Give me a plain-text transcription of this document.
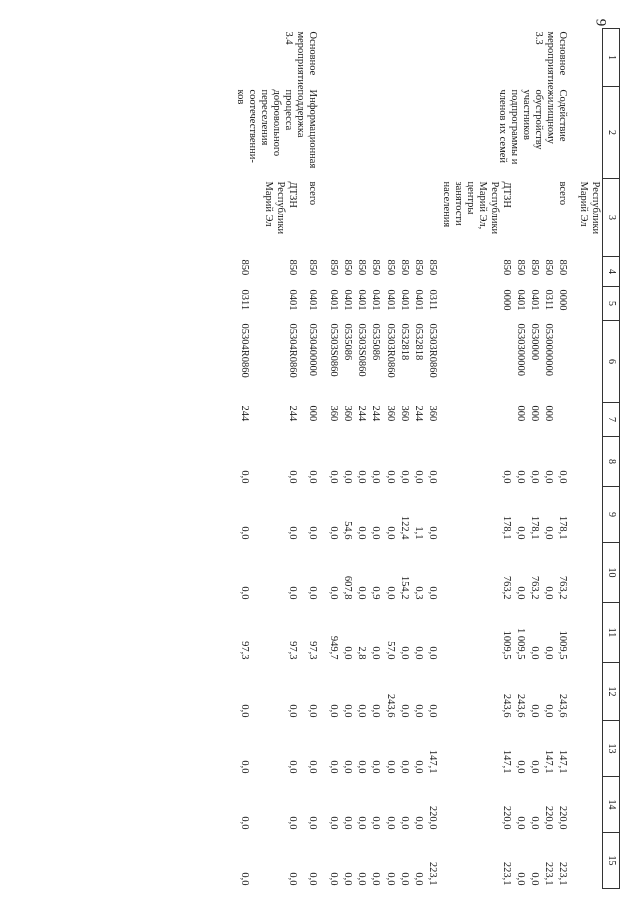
9
1	2	3	4	5	6	7	8	9	10	11	12	13	14	15
		Республики Марий Эл												
Основное мероприятие 3.3	Содействие жилищному обустройству участников подпрограммы и членов их семей	всего	850	0000			0,0	178,1	763,2	1009,5	243,6	147,1	220,0	223,1
			850	0311	0530000000	000	0,0	0,0	0,0	0,0	0,0	147,1	220,0	223,1
			850	0401	0530000	000	0,0	178,1	763,2	0,0	0,0	0,0	0,0	0,0
			850	0401	0530300000	000	0,0	0,0	0,0	1 009,5	243,6	0,0	0,0	0,0
		ДТЗН Республики Марий Эл, центры занятости населения	850	0000			0,0	178,1	763,2	1009,5	243,6	147,1	220,0	223,1
			850	0311	05303R0860	360	0,0	0,0	0,0	0,0	0,0	147,1	220,0	223,1
			850	0401	0532818	244	0,0	1,1	0,3	0,0	0,0	0,0	0,0	0,0
			850	0401	0532818	360	0,0	122,4	154,2	0,0	0,0	0,0	0,0	0,0
			850	0401	05303R0860	360	0,0	0,0	0,0	57,0	243,6	0,0	0,0	0,0
			850	0401	0535086	244	0,0	0,0	0,9	0,0	0,0	0,0	0,0	0,0
			850	0401	05303S0860	244	0,0	0,0	0,0	2,8	0,0	0,0	0,0	0,0
			850	0401	0535086	360	0,0	54,6	607,8	0,0	0,0	0,0	0,0	0,0
			850	0401	05303S0860	360	0,0	0,0	0,0	949,7	0,0	0,0	0,0	0,0
Основное мероприятие 3.4	Информационная поддержка процесса добровольного переселения соотечественни-ков	всего	850	0401	0530400000	000	0,0	0,0	0,0	97,3	0,0	0,0	0,0	0,0
		ДТЗН Республики Марий Эл	850	0401	05304R0860	244	0,0	0,0	0,0	97,3	0,0	0,0	0,0	0,0
			850	0311	05304R0860	244	0,0	0,0	0,0	97,3	0,0	0,0	0,0	0,0
